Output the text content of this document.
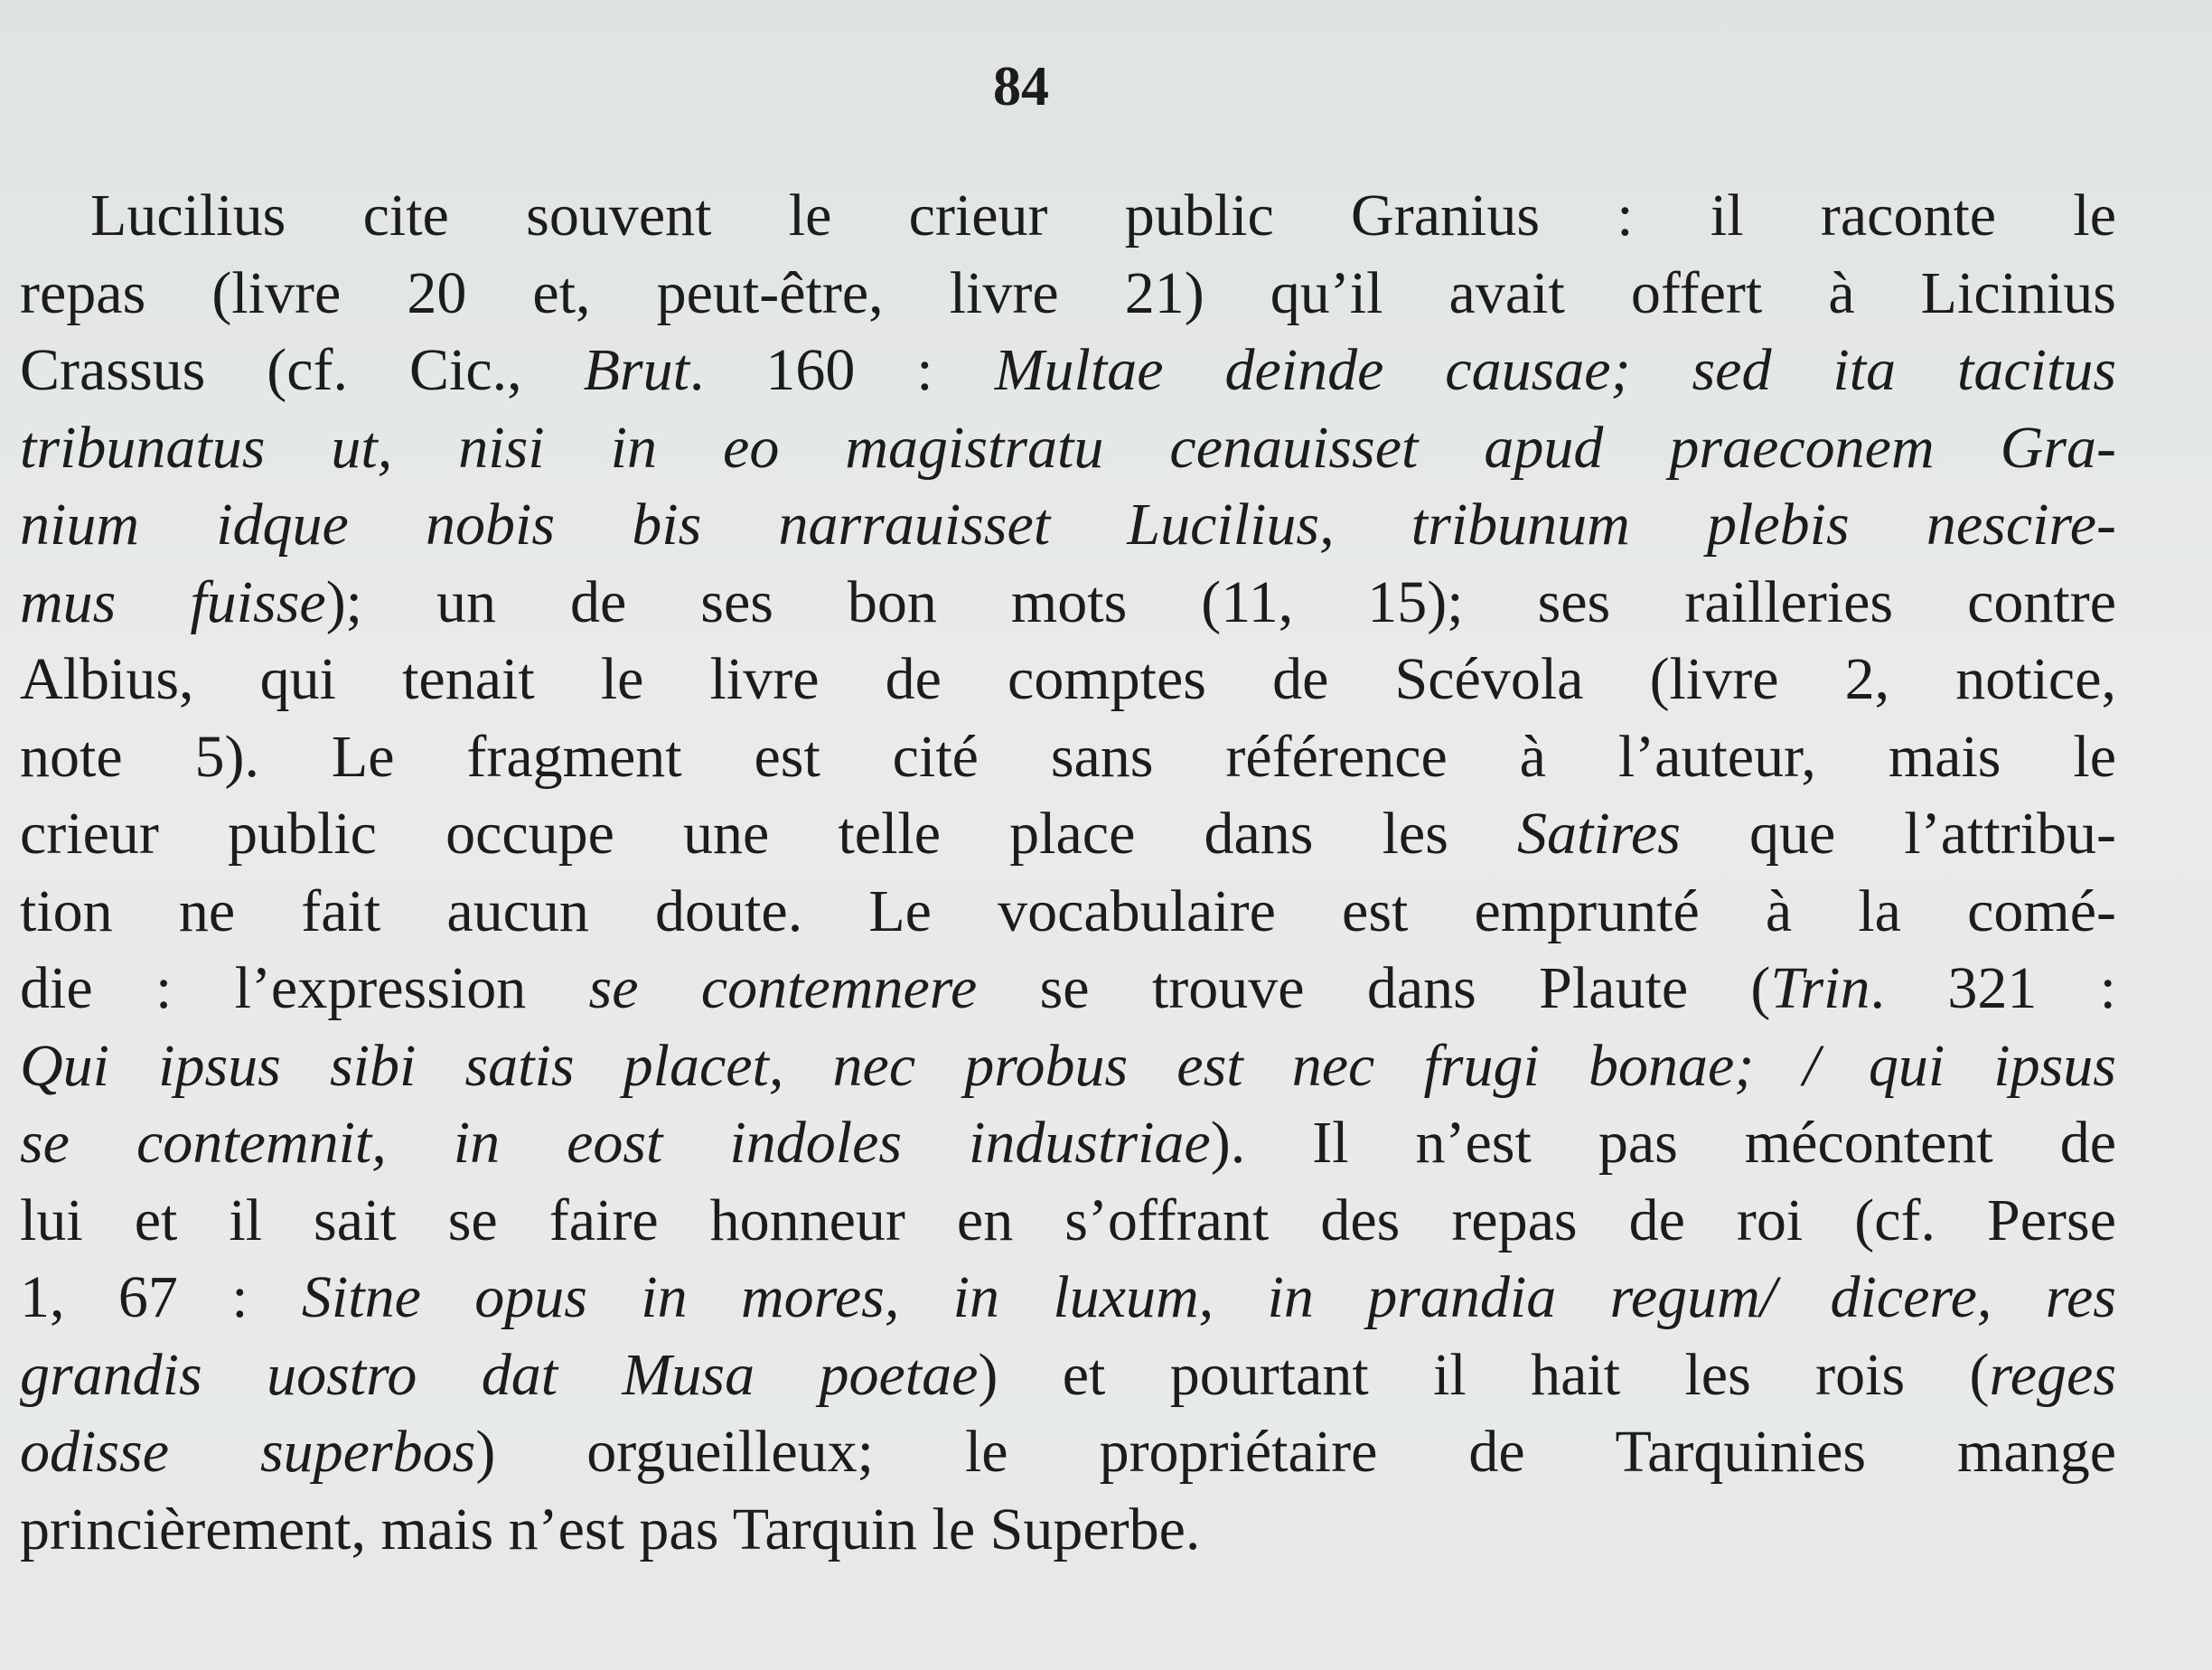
84
Lucilius cite souvent le crieur public Granius : il raconte le
repas (livre 20 et, peut-être, livre 21) qu’il avait offert à Licinius
Crassus (cf. Cic., Brut. 160 : Multae deinde causae; sed ita tacitus
tribunatus ut, nisi in eo magistratu cenauisset apud praeconem Gra-
nium idque nobis bis narrauisset Lucilius, tribunum plebis nescire-
mus fuisse); un de ses bon mots (11, 15); ses railleries contre
Albius, qui tenait le livre de comptes de Scévola (livre 2, notice,
note 5). Le fragment est cité sans référence à l’auteur, mais le
crieur public occupe une telle place dans les Satires que l’attribu-
tion ne fait aucun doute. Le vocabulaire est emprunté à la comé-
die : l’expression se contemnere se trouve dans Plaute (Trin. 321 :
Qui ipsus sibi satis placet, nec probus est nec frugi bonae; / qui ipsus
se contemnit, in eost indoles industriae). Il n’est pas mécontent de
lui et il sait se faire honneur en s’offrant des repas de roi (cf. Perse
1, 67 : Sitne opus in mores, in luxum, in prandia regum/ dicere, res
grandis uostro dat Musa poetae) et pourtant il hait les rois (reges
odisse superbos) orgueilleux; le propriétaire de Tarquinies mange
princièrement, mais n’est pas Tarquin le Superbe.
